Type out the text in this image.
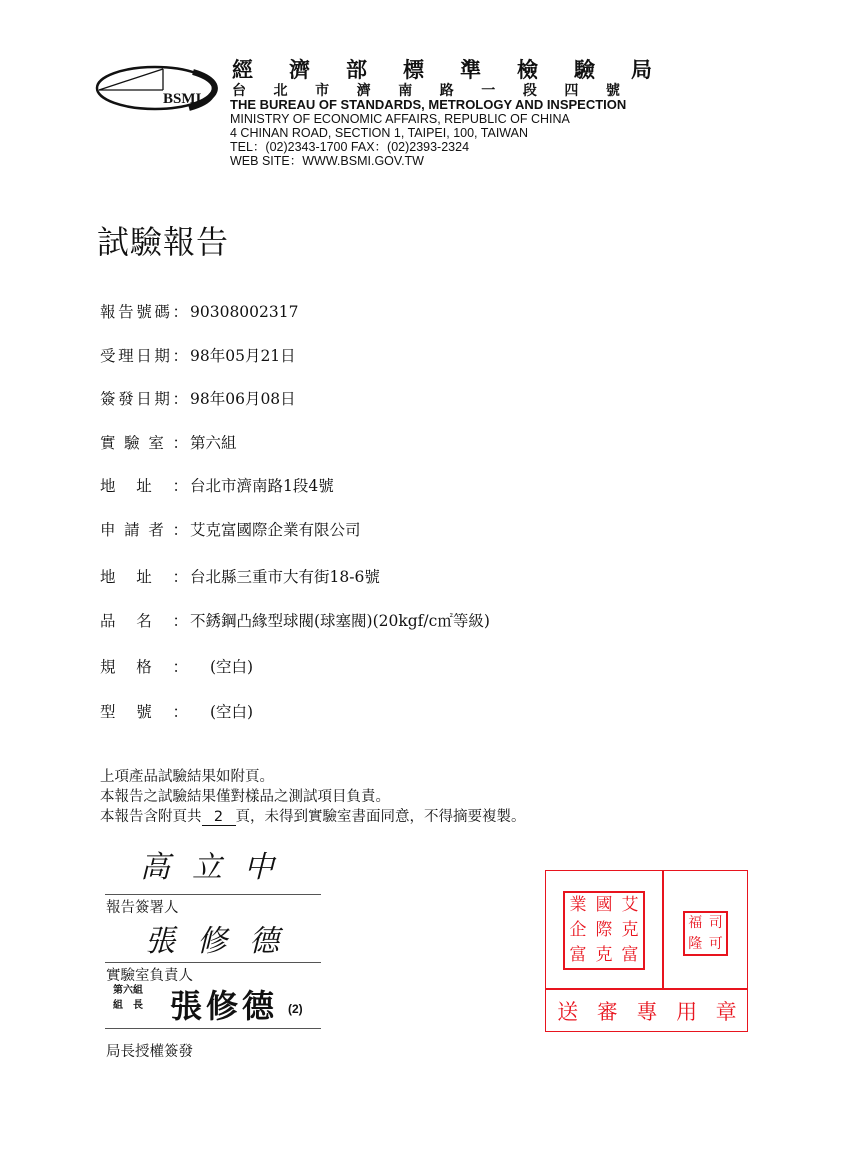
BSMI
經 濟 部 標 準 檢 驗 局
台 北 市 濟 南 路 一 段 四 號
THE BUREAU OF STANDARDS, METROLOGY AND INSPECTION
MINISTRY OF ECONOMIC AFFAIRS, REPUBLIC OF CHINA
4 CHINAN ROAD, SECTION 1, TAIPEI, 100, TAIWAN
TEL：(02)2343-1700 FAX：(02)2393-2324
WEB SITE：WWW.BSMI.GOV.TW
試驗報告
報 告 號 碼 ： 90308002317
受 理 日 期 ： 98年05月21日
簽 發 日 期 ： 98年06月08日
實 驗 室 ： 第六組
地 址 ： 台北市濟南路1段4號
申 請 者 ： 艾克富國際企業有限公司
地 址 ： 台北縣三重市大有街18-6號
品 名 ： 不銹鋼凸緣型球閥(球塞閥)(20kgf/c㎡等級)
規 格 ： (空白)
型 號 ： (空白)
上項產品試驗結果如附頁。
本報告之試驗結果僅對樣品之測試項目負責。
本報告含附頁共 2 頁，未得到實驗室書面同意，不得摘要複製。
高立中
報告簽署人
張修德
實驗室負責人
第六組
組　長 張修德 (2)
局長授權簽發
業 國 艾
企 際 克
富 克 富
福 司
隆 可
送 審 專 用 章
